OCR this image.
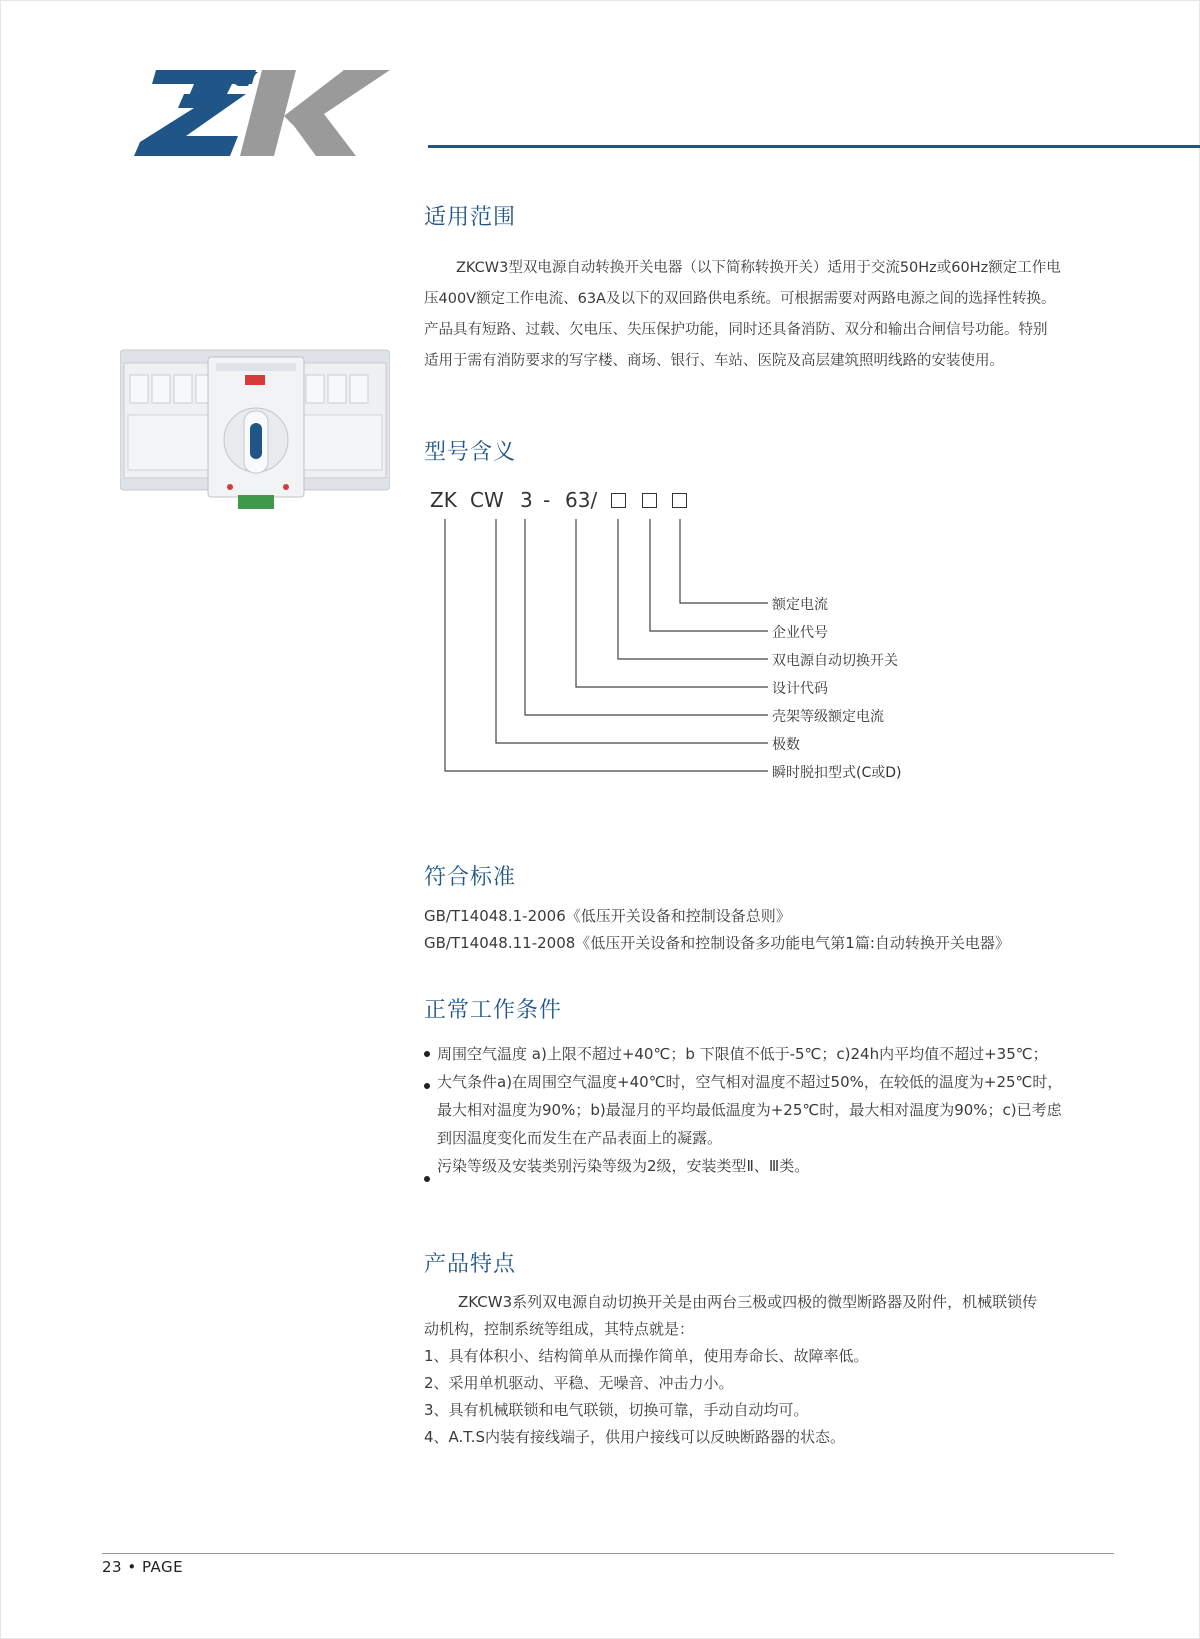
适用范围

ZKCW3型双电源自动转换开关电器（以下简称转换开关）适用于交流50Hz或60Hz额定工作电

压400V额定工作电流、63A及以下的双回路供电系统。可根据需要对两路电源之间的选择性转换。

产品具有短路、过载、欠电压、失压保护功能，同时还具备消防、双分和输出合闸信号功能。特别

适用于需有消防要求的写字楼、商场、银行、车站、医院及高层建筑照明线路的安装使用。

型号含义
ZK CW 3 - 63/
额定电流
企业代号
双电源自动切换开关
设计代码
壳架等级额定电流
极数
瞬时脱扣型式(C或D)
符合标准
GB/T14048.1-2006《低压开关设备和控制设备总则》
GB/T14048.11-2008《低压开关设备和控制设备多功能电气第1篇:自动转换开关电器》
正常工作条件
周围空气温度 a)上限不超过+40℃；b 下限值不低于-5℃；c)24h内平均值不超过+35℃；
大气条件a)在周围空气温度+40℃时，空气相对温度不超过50%，在较低的温度为+25℃时，
最大相对温度为90%；b)最湿月的平均最低温度为+25℃时，最大相对温度为90%；c)已考虑
到因温度变化而发生在产品表面上的凝露。
污染等级及安装类别污染等级为2级，安装类型Ⅱ、Ⅲ类。
产品特点
ZKCW3系列双电源自动切换开关是由两台三极或四极的微型断路器及附件，机械联锁传
动机构，控制系统等组成，其特点就是：
1、具有体积小、结构简单从而操作简单，使用寿命长、故障率低。
2、采用单机驱动、平稳、无噪音、冲击力小。
3、具有机械联锁和电气联锁，切换可靠，手动自动均可。
4、A.T.S内装有接线端子，供用户接线可以反映断路器的状态。
23 • PAGE
